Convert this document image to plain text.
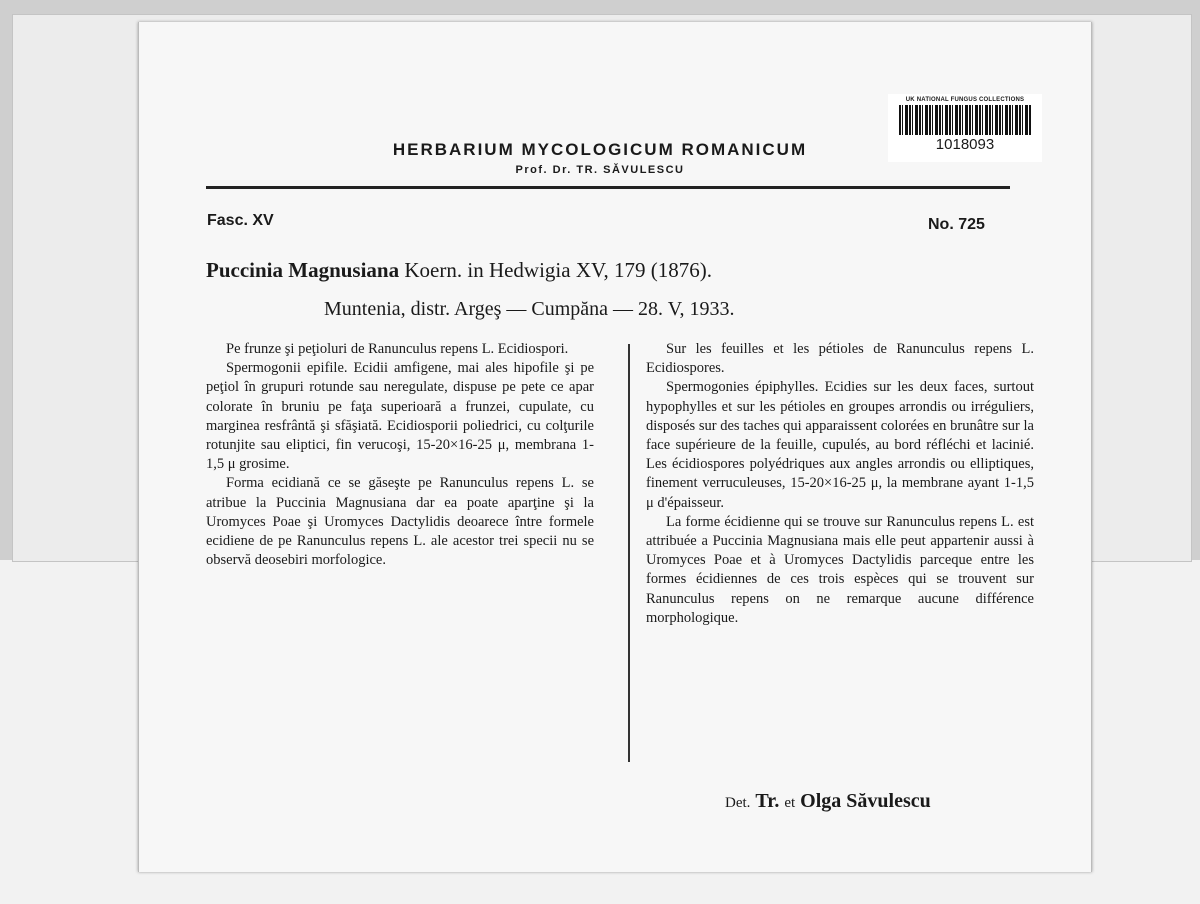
UK NATIONAL FUNGUS COLLECTIONS
1018093
HERBARIUM MYCOLOGICUM ROMANICUM
Prof. Dr. TR. SĂVULESCU
Fasc. XV	No. 725
Puccinia Magnusiana Koern. in Hedwigia XV, 179 (1876).
Muntenia, distr. Argeş — Cumpăna — 28. V, 1933.

Pe frunze şi peţioluri de Ranunculus repens L. Ecidiospori.

Spermogonii epifile. Ecidii amfigene, mai ales hipofile şi pe peţiol în grupuri rotunde sau neregulate, dispuse pe pete ce apar colorate în bruniu pe faţa superioară a frunzei, cupulate, cu marginea resfrântă şi sfăşiată. Ecidiosporii poliedrici, cu colţurile rotunjite sau eliptici, fin verucoşi, 15-20×16-25 μ, membrana 1-1,5 μ grosime.

Forma ecidiană ce se găseşte pe Ranunculus repens L. se atribue la Puccinia Magnusiana dar ea poate aparţine şi la Uromyces Poae şi Uromyces Dactylidis deoarece între formele ecidiene de pe Ranunculus repens L. ale acestor trei specii nu se observă deosebiri morfologice.

Sur les feuilles et les pétioles de Ranunculus repens L. Ecidiospores.

Spermogonies épiphylles. Ecidies sur les deux faces, surtout hypophylles et sur les pétioles en groupes arrondis ou irréguliers, disposés sur des taches qui apparaissent colorées en brunâtre sur la face supérieure de la feuille, cupulés, au bord réfléchi et lacinié. Les écidiospores polyédriques aux angles arrondis ou elliptiques, finement verruculeuses, 15-20×16-25 μ, la membrane ayant 1-1,5 μ d'épaisseur.

La forme écidienne qui se trouve sur Ranunculus repens L. est attribuée a Puccinia Magnusiana mais elle peut appartenir aussi à Uromyces Poae et à Uromyces Dactylidis parceque entre les formes écidiennes de ces trois espèces qui se trouvent sur Ranunculus repens on ne remarque aucune différence morphologique.

Det. Tr. et Olga Săvulescu
